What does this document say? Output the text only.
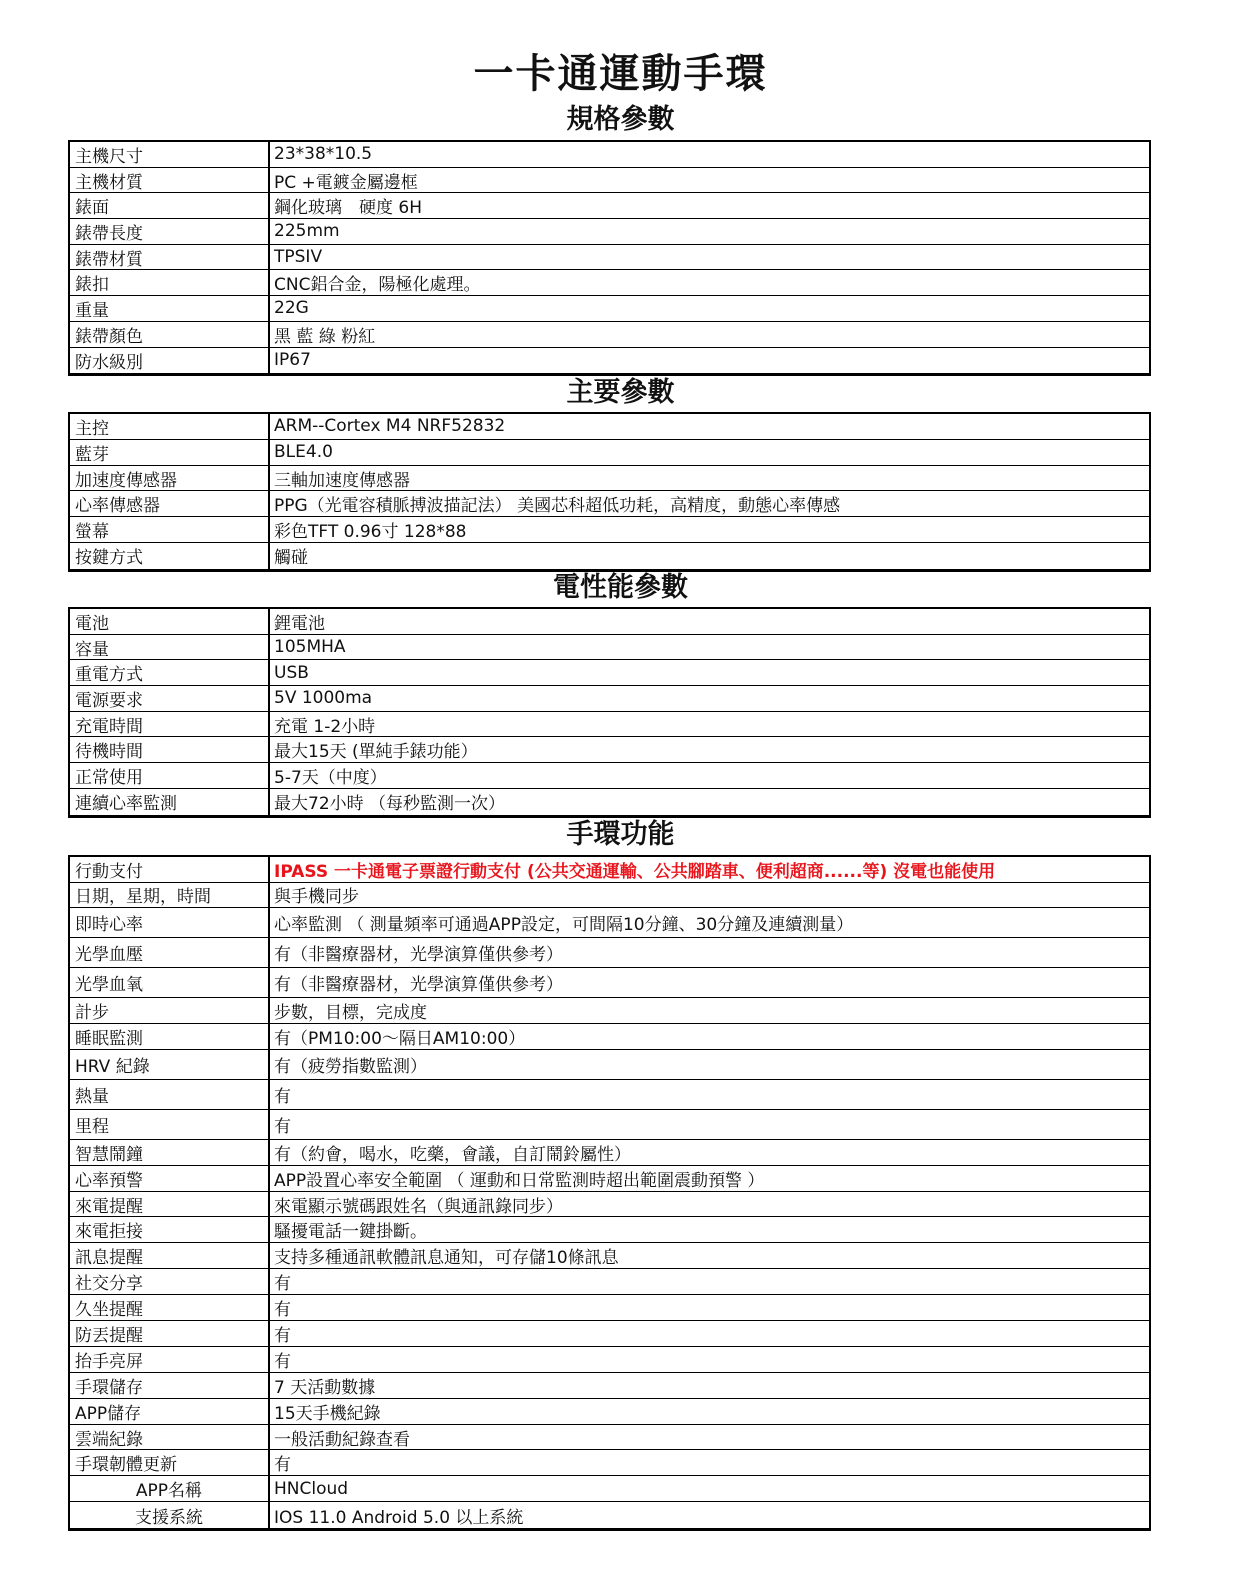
一卡通運動手環
規格參數
主機尺寸	23*38*10.5
主機材質	PC +電鍍金屬邊框
錶面	鋼化玻璃　硬度 6H
錶帶長度	225mm
錶帶材質	TPSIV
錶扣	CNC鋁合金，陽極化處理。
重量	22G
錶帶顏色	黑 藍 綠 粉紅
防水級別	IP67
主要參數
主控	ARM--Cortex M4 NRF52832
藍芽	BLE4.0
加速度傳感器	三軸加速度傳感器
心率傳感器	PPG（光電容積脈搏波描記法） 美國芯科超低功耗，高精度，動態心率傳感
螢幕	彩色TFT 0.96寸 128*88
按鍵方式	觸碰
電性能參數
電池	鋰電池
容量	105MHA
重電方式	USB
電源要求	5V 1000ma
充電時間	充電 1-2小時
待機時間	最大15天 (單純手錶功能）
正常使用	5-7天（中度）
連續心率監測	最大72小時 （每秒監測一次）
手環功能
行動支付	IPASS 一卡通電子票證行動支付 (公共交通運輸、公共腳踏車、便利超商......等) 沒電也能使用
日期，星期，時間	與手機同步
即時心率	心率監測 （ 測量頻率可通過APP設定，可間隔10分鐘、30分鐘及連續測量）
光學血壓	有（非醫療器材，光學演算僅供參考）
光學血氧	有（非醫療器材，光學演算僅供參考）
計步	步數，目標，完成度
睡眠監測	有（PM10:00～隔日AM10:00）
HRV 紀錄	有（疲勞指數監測）
熱量	有
里程	有
智慧鬧鐘	有（約會，喝水，吃藥，會議，自訂鬧鈴屬性）
心率預警	APP設置心率安全範圍 （ 運動和日常監測時超出範圍震動預警 ）
來電提醒	來電顯示號碼跟姓名（與通訊錄同步）
來電拒接	騷擾電話一鍵掛斷。
訊息提醒	支持多種通訊軟體訊息通知，可存儲10條訊息
社交分享	有
久坐提醒	有
防丟提醒	有
抬手亮屏	有
手環儲存	7 天活動數據
APP儲存	15天手機紀錄
雲端紀錄	一般活動紀錄查看
手環韌體更新	有
APP名稱	HNCloud
支援系統	IOS 11.0 Android 5.0 以上系統
